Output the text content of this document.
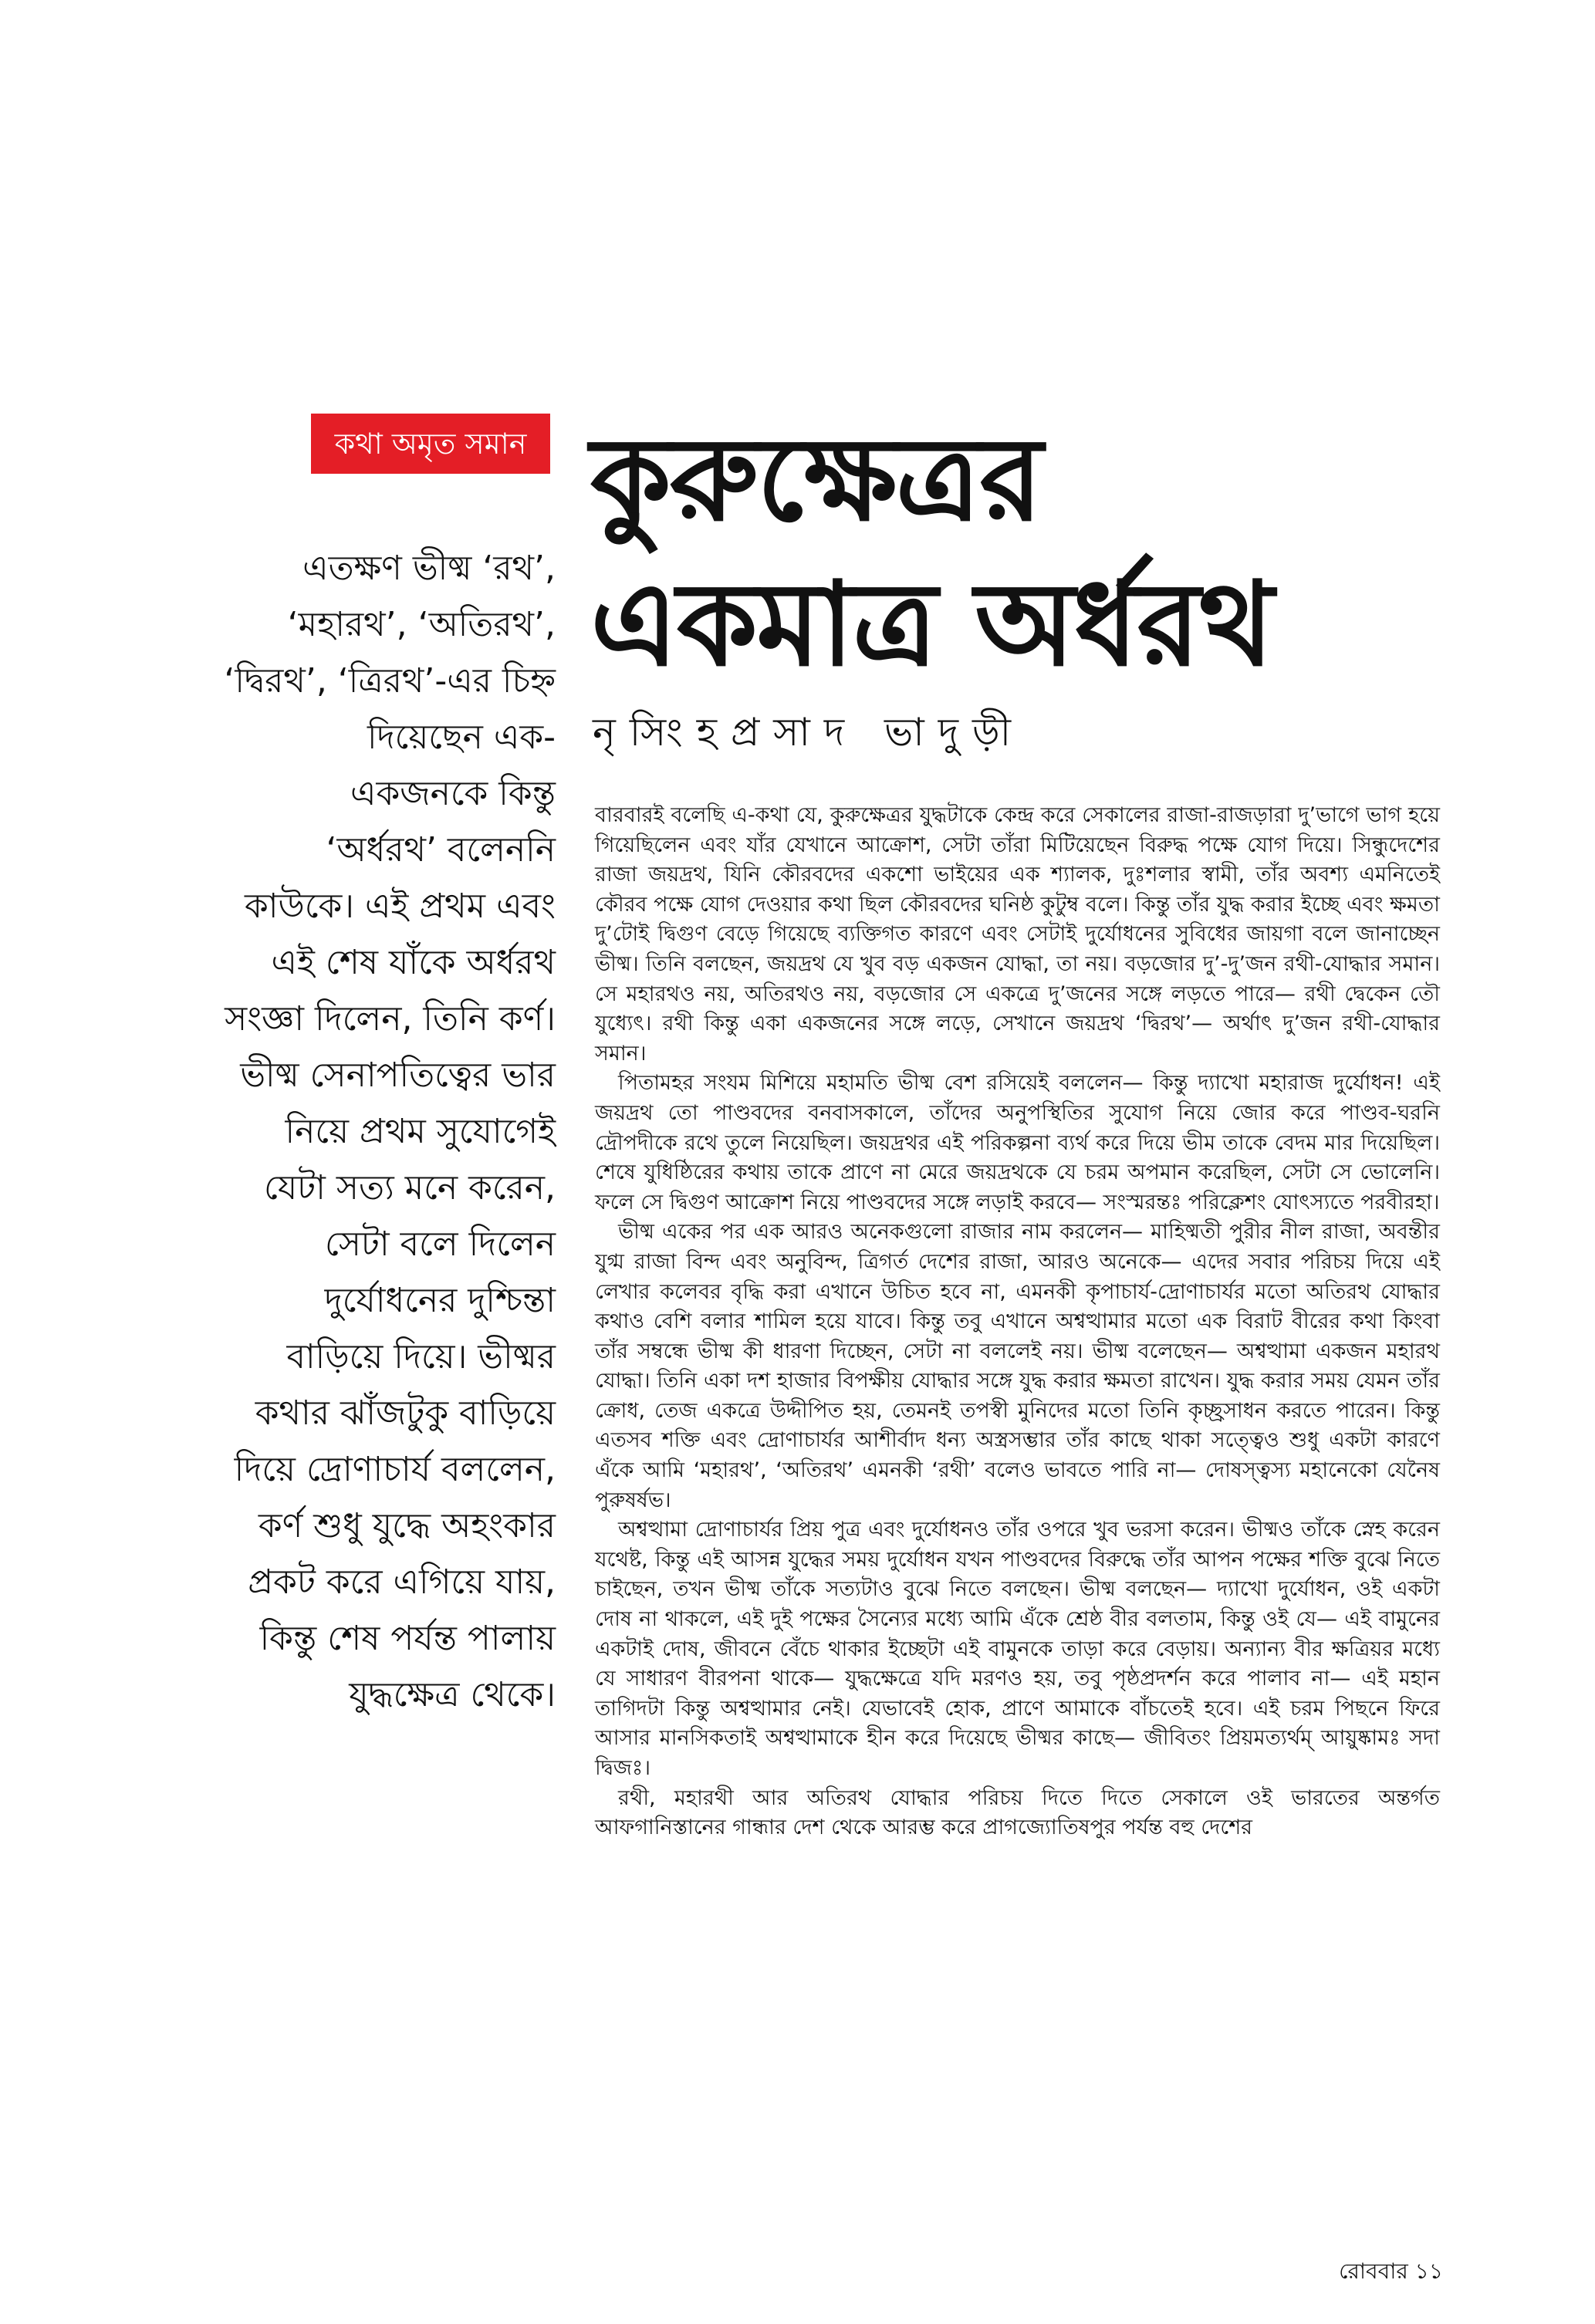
কথা অমৃত সমান কুরুক্ষেত্রর
একমাত্র অর্ধরথ
নৃসিংহপ্রসাদ ভাদুড়ী
এতক্ষণ ভীষ্ম ‘রথ’,
‘মহারথ’, ‘অতিরথ’,
‘দ্বিরথ’, ‘ত্রিরথ’-এর চিহ্ন
দিয়েছেন এক-
একজনকে কিন্তু
‘অর্ধরথ’ বলেননি
কাউকে। এই প্রথম এবং
এই শেষ যাঁকে অর্ধরথ
সংজ্ঞা দিলেন, তিনি কর্ণ।
ভীষ্ম সেনাপতিত্বের ভার
নিয়ে প্রথম সুযোগেই
যেটা সত্য মনে করেন,
সেটা বলে দিলেন
দুর্যোধনের দুশ্চিন্তা
বাড়িয়ে দিয়ে। ভীষ্মর
কথার ঝাঁজটুকু বাড়িয়ে
দিয়ে দ্রোণাচার্য বললেন,
কর্ণ শুধু যুদ্ধে অহংকার
প্রকট করে এগিয়ে যায়,
কিন্তু শেষ পর্যন্ত পালায়
যুদ্ধক্ষেত্র থেকে।

বারবারই বলেছি এ-কথা যে, কুরুক্ষেত্রর যুদ্ধটাকে কেন্দ্র করে সেকালের রাজা-রাজড়ারা দু’ভাগে ভাগ হয়ে গিয়েছিলেন এবং যাঁর যেখানে আক্রোশ, সেটা তাঁরা মিটিয়েছেন বিরুদ্ধ পক্ষে যোগ দিয়ে। সিন্ধুদেশের রাজা জয়দ্রথ, যিনি কৌরবদের একশো ভাইয়ের এক শ্যালক, দুঃশলার স্বামী, তাঁর অবশ্য এমনিতেই কৌরব পক্ষে যোগ দেওয়ার কথা ছিল কৌরবদের ঘনিষ্ঠ কুটুম্ব বলে। কিন্তু তাঁর যুদ্ধ করার ইচ্ছে এবং ক্ষমতা দু’টোই দ্বিগুণ বেড়ে গিয়েছে ব্যক্তিগত কারণে এবং সেটাই দুর্যোধনের সুবিধের জায়গা বলে জানাচ্ছেন ভীষ্ম। তিনি বলছেন, জয়দ্রথ যে খুব বড় একজন যোদ্ধা, তা নয়। বড়জোর দু’-দু’জন রথী-যোদ্ধার সমান। সে মহারথও নয়, অতিরথও নয়, বড়জোর সে একত্রে দু’জনের সঙ্গে লড়তে পারে— রথী দ্বেকেন তৌ যুধ্যেৎ। রথী কিন্তু একা একজনের সঙ্গে লড়ে, সেখানে জয়দ্রথ ‘দ্বিরথ’— অর্থাৎ দু’জন রথী-যোদ্ধার সমান।

পিতামহর সংযম মিশিয়ে মহামতি ভীষ্ম বেশ রসিয়েই বললেন— কিন্তু দ্যাখো মহারাজ দুর্যোধন! এই জয়দ্রথ তো পাণ্ডবদের বনবাসকালে, তাঁদের অনুপস্থিতির সুযোগ নিয়ে জোর করে পাণ্ডব-ঘরনি দ্রৌপদীকে রথে তুলে নিয়েছিল। জয়দ্রথর এই পরিকল্পনা ব্যর্থ করে দিয়ে ভীম তাকে বেদম মার দিয়েছিল। শেষে যুধিষ্ঠিরের কথায় তাকে প্রাণে না মেরে জয়দ্রথকে যে চরম অপমান করেছিল, সেটা সে ভোলেনি। ফলে সে দ্বিগুণ আক্রোশ নিয়ে পাণ্ডবদের সঙ্গে লড়াই করবে— সংস্মরন্তঃ পরিক্লেশং যোৎস্যতে পরবীরহা।

ভীষ্ম একের পর এক আরও অনেকগুলো রাজার নাম করলেন— মাহিষ্মতী পুরীর নীল রাজা, অবন্তীর যুগ্ম রাজা বিন্দ এবং অনুবিন্দ, ত্রিগর্ত দেশের রাজা, আরও অনেকে— এদের সবার পরিচয় দিয়ে এই লেখার কলেবর বৃদ্ধি করা এখানে উচিত হবে না, এমনকী কৃপাচার্য-দ্রোণাচার্যর মতো অতিরথ যোদ্ধার কথাও বেশি বলার শামিল হয়ে যাবে। কিন্তু তবু এখানে অশ্বত্থামার মতো এক বিরাট বীরের কথা কিংবা তাঁর সম্বন্ধে ভীষ্ম কী ধারণা দিচ্ছেন, সেটা না বললেই নয়। ভীষ্ম বলেছেন— অশ্বত্থামা একজন মহারথ যোদ্ধা। তিনি একা দশ হাজার বিপক্ষীয় যোদ্ধার সঙ্গে যুদ্ধ করার ক্ষমতা রাখেন। যুদ্ধ করার সময় যেমন তাঁর ক্রোধ, তেজ একত্রে উদ্দীপিত হয়, তেমনই তপস্বী মুনিদের মতো তিনি কৃচ্ছ্রসাধন করতে পারেন। কিন্তু এতসব শক্তি এবং দ্রোণাচার্যর আশীর্বাদ ধন্য অস্ত্রসম্ভার তাঁর কাছে থাকা সত্ত্বেও শুধু একটা কারণে এঁকে আমি ‘মহারথ’, ‘অতিরথ’ এমনকী ‘রথী’ বলেও ভাবতে পারি না— দোষস্ত্বস্য মহানেকো যেনৈষ পুরুষর্ষভ।

অশ্বত্থামা দ্রোণাচার্যর প্রিয় পুত্র এবং দুর্যোধনও তাঁর ওপরে খুব ভরসা করেন। ভীষ্মও তাঁকে স্নেহ করেন যথেষ্ট, কিন্তু এই আসন্ন যুদ্ধের সময় দুর্যোধন যখন পাণ্ডবদের বিরুদ্ধে তাঁর আপন পক্ষের শক্তি বুঝে নিতে চাইছেন, তখন ভীষ্ম তাঁকে সত্যটাও বুঝে নিতে বলছেন। ভীষ্ম বলছেন— দ্যাখো দুর্যোধন, ওই একটা দোষ না থাকলে, এই দুই পক্ষের সৈন্যের মধ্যে আমি এঁকে শ্রেষ্ঠ বীর বলতাম, কিন্তু ওই যে— এই বামুনের একটাই দোষ, জীবনে বেঁচে থাকার ইচ্ছেটা এই বামুনকে তাড়া করে বেড়ায়। অন্যান্য বীর ক্ষত্রিয়র মধ্যে যে সাধারণ বীরপনা থাকে— যুদ্ধক্ষেত্রে যদি মরণও হয়, তবু পৃষ্ঠপ্রদর্শন করে পালাব না— এই মহান তাগিদটা কিন্তু অশ্বত্থামার নেই। যেভাবেই হোক, প্রাণে আমাকে বাঁচতেই হবে। এই চরম পিছনে ফিরে আসার মানসিকতাই অশ্বত্থামাকে হীন করে দিয়েছে ভীষ্মর কাছে— জীবিতং প্রিয়মত্যর্থম্ আয়ুষ্কামঃ সদা দ্বিজঃ।

রথী, মহারথী আর অতিরথ যোদ্ধার পরিচয় দিতে দিতে সেকালে ওই ভারতের অন্তর্গত আফগানিস্তানের গান্ধার দেশ থেকে আরম্ভ করে প্রাগজ্যোতিষপুর পর্যন্ত বহু দেশের

রোববার ১১
